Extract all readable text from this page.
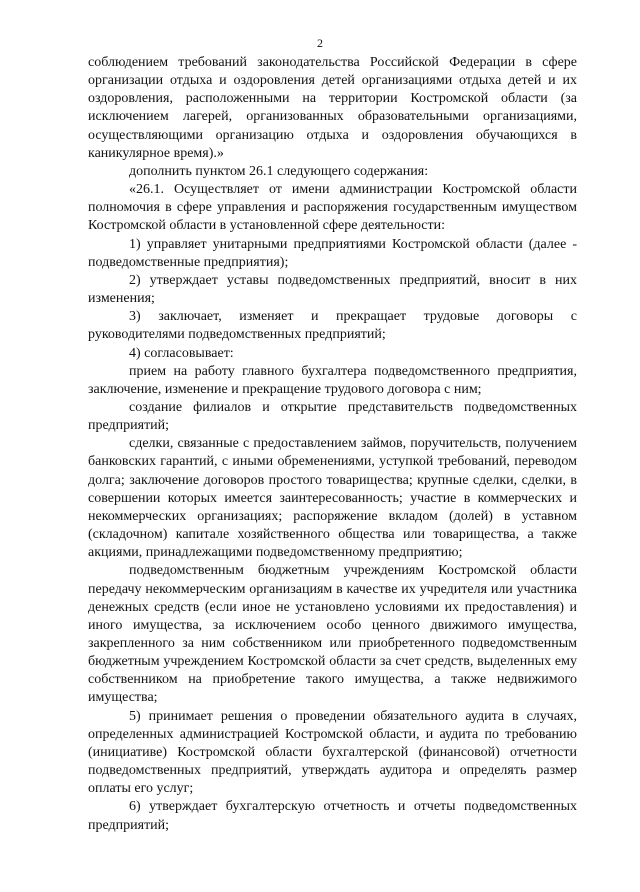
2

соблюдением требований законодательства Российской Федерации в сфере организации отдыха и оздоровления детей организациями отдыха детей и их оздоровления, расположенными на территории Костромской области (за исключением лагерей, организованных образовательными организациями, осуществляющими организацию отдыха и оздоровления обучающихся в каникулярное время).»

дополнить пунктом 26.1 следующего содержания:

«26.1. Осуществляет от имени администрации Костромской области полномочия в сфере управления и распоряжения государственным имуществом Костромской области в установленной сфере деятельности:

1) управляет унитарными предприятиями Костромской области (далее - подведомственные предприятия);

2) утверждает уставы подведомственных предприятий, вносит в них изменения;

3) заключает, изменяет и прекращает трудовые договоры с руководителями подведомственных предприятий;

4) согласовывает:

прием на работу главного бухгалтера подведомственного предприятия, заключение, изменение и прекращение трудового договора с ним;

создание филиалов и открытие представительств подведомственных предприятий;

сделки, связанные с предоставлением займов, поручительств, получением банковских гарантий, с иными обременениями, уступкой требований, переводом долга; заключение договоров простого товарищества; крупные сделки, сделки, в совершении которых имеется заинтересованность; участие в коммерческих и некоммерческих организациях; распоряжение вкладом (долей) в уставном (складочном) капитале хозяйственного общества или товарищества, а также акциями, принадлежащими подведомственному предприятию;

подведомственным бюджетным учреждениям Костромской области передачу некоммерческим организациям в качестве их учредителя или участника денежных средств (если иное не установлено условиями их предоставления) и иного имущества, за исключением особо ценного движимого имущества, закрепленного за ним собственником или приобретенного подведомственным бюджетным учреждением Костромской области за счет средств, выделенных ему собственником на приобретение такого имущества, а также недвижимого имущества;

5) принимает решения о проведении обязательного аудита в случаях, определенных администрацией Костромской области, и аудита по требованию (инициативе) Костромской области бухгалтерской (финансовой) отчетности подведомственных предприятий, утверждать аудитора и определять размер оплаты его услуг;

6) утверждает бухгалтерскую отчетность и отчеты подведомственных предприятий;
